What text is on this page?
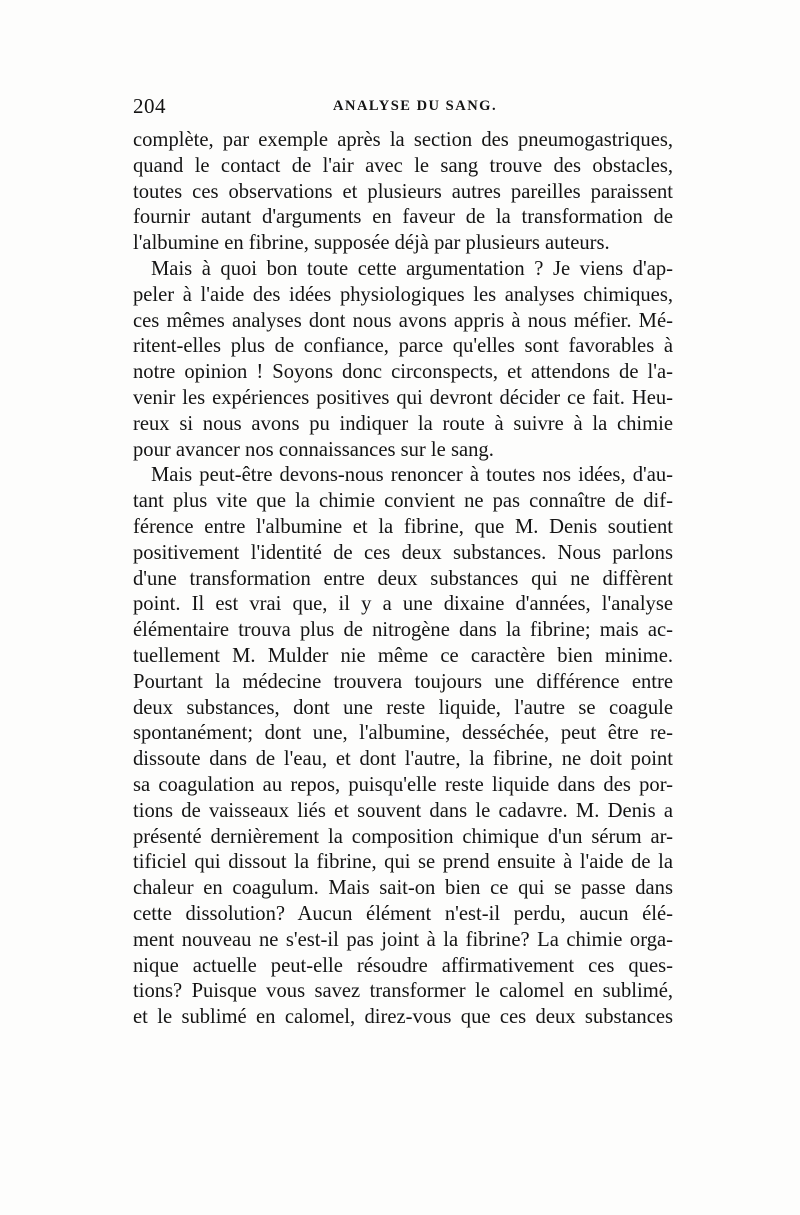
204	ANALYSE DU SANG.
complète, par exemple après la section des pneumogastriques,
quand le contact de l'air avec le sang trouve des obstacles,
toutes ces observations et plusieurs autres pareilles paraissent
fournir autant d'arguments en faveur de la transformation de
l'albumine en fibrine, supposée déjà par plusieurs auteurs.
Mais à quoi bon toute cette argumentation ? Je viens d'ap-
peler à l'aide des idées physiologiques les analyses chimiques,
ces mêmes analyses dont nous avons appris à nous méfier. Mé-
ritent-elles plus de confiance, parce qu'elles sont favorables à
notre opinion ! Soyons donc circonspects, et attendons de l'a-
venir les expériences positives qui devront décider ce fait. Heu-
reux si nous avons pu indiquer la route à suivre à la chimie
pour avancer nos connaissances sur le sang.
Mais peut-être devons-nous renoncer à toutes nos idées, d'au-
tant plus vite que la chimie convient ne pas connaître de dif-
férence entre l'albumine et la fibrine, que M. Denis soutient
positivement l'identité de ces deux substances. Nous parlons
d'une transformation entre deux substances qui ne diffèrent
point. Il est vrai que, il y a une dixaine d'années, l'analyse
élémentaire trouva plus de nitrogène dans la fibrine; mais ac-
tuellement M. Mulder nie même ce caractère bien minime.
Pourtant la médecine trouvera toujours une différence entre
deux substances, dont une reste liquide, l'autre se coagule
spontanément; dont une, l'albumine, desséchée, peut être re-
dissoute dans de l'eau, et dont l'autre, la fibrine, ne doit point
sa coagulation au repos, puisqu'elle reste liquide dans des por-
tions de vaisseaux liés et souvent dans le cadavre. M. Denis a
présenté dernièrement la composition chimique d'un sérum ar-
tificiel qui dissout la fibrine, qui se prend ensuite à l'aide de la
chaleur en coagulum. Mais sait-on bien ce qui se passe dans
cette dissolution? Aucun élément n'est-il perdu, aucun élé-
ment nouveau ne s'est-il pas joint à la fibrine? La chimie orga-
nique actuelle peut-elle résoudre affirmativement ces ques-
tions? Puisque vous savez transformer le calomel en sublimé,
et le sublimé en calomel, direz-vous que ces deux substances
